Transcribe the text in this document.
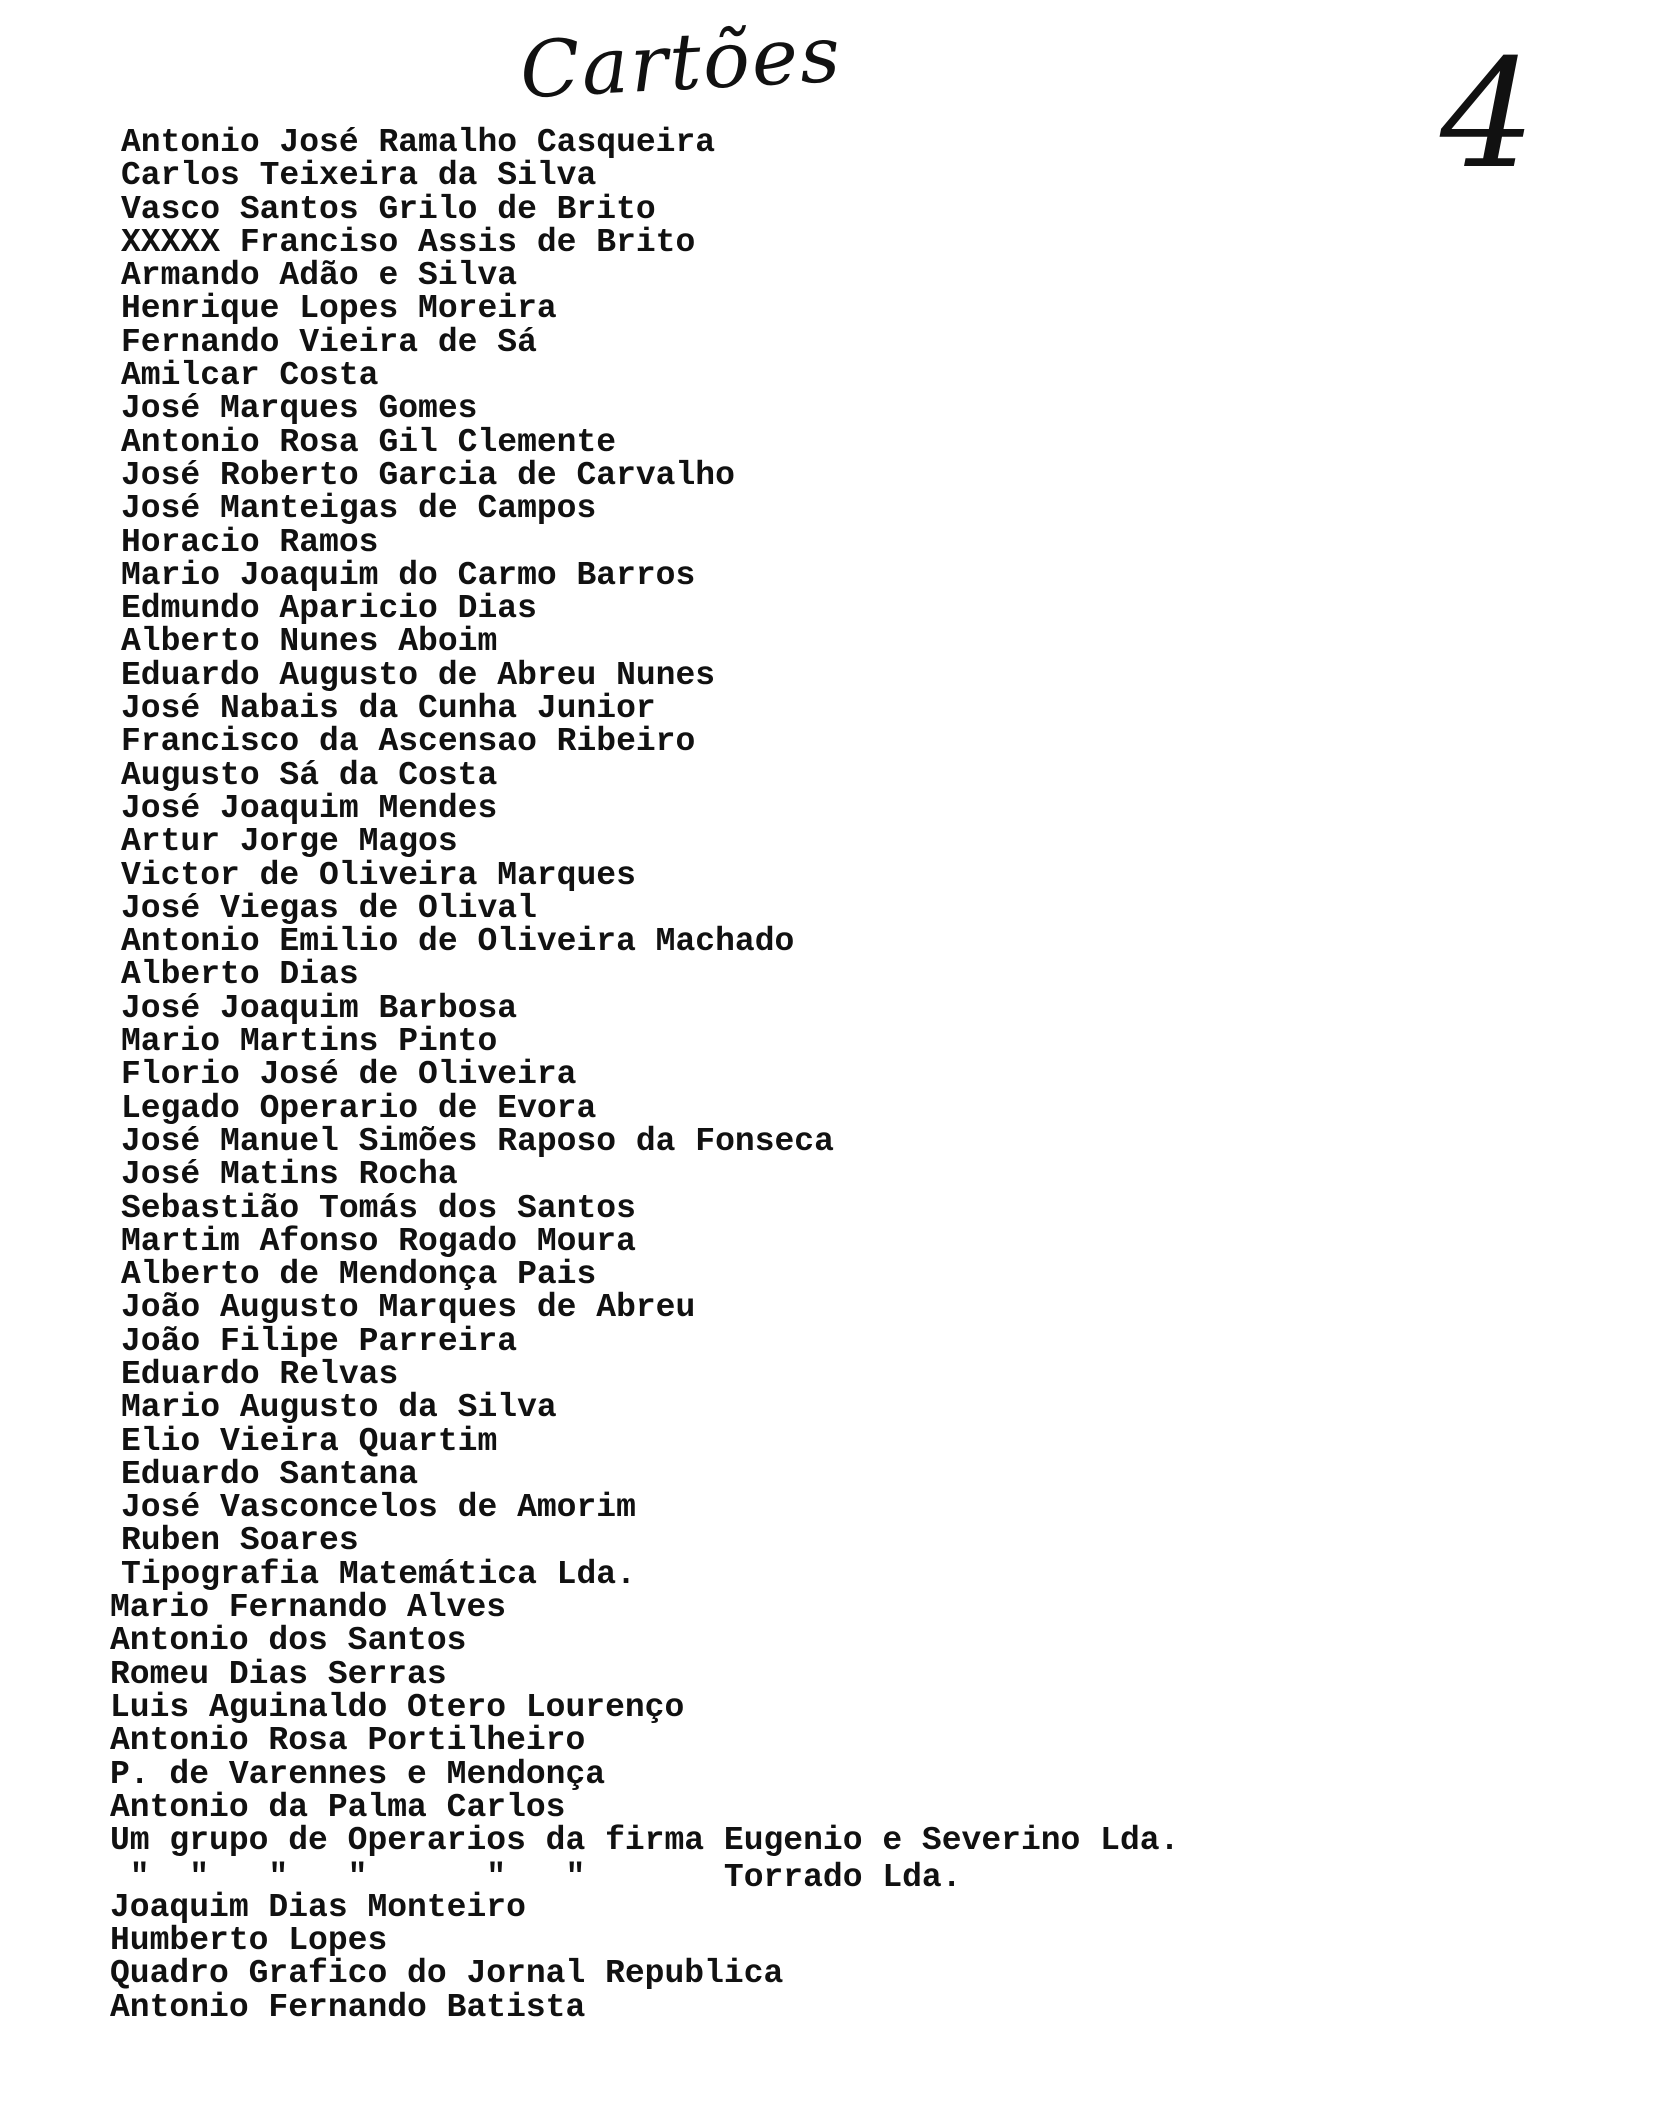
Cartões	4
Antonio José Ramalho Casqueira
Carlos Teixeira da Silva
Vasco Santos Grilo de Brito
XXXXX Franciso Assis de Brito
Armando Adão e Silva
Henrique Lopes Moreira
Fernando Vieira de Sá
Amilcar Costa
José Marques Gomes
Antonio Rosa Gil Clemente
José Roberto Garcia de Carvalho
José Manteigas de Campos
Horacio Ramos
Mario Joaquim do Carmo Barros
Edmundo Aparicio Dias
Alberto Nunes Aboim
Eduardo Augusto de Abreu Nunes
José Nabais da Cunha Junior
Francisco da Ascensao Ribeiro
Augusto Sá da Costa
José Joaquim Mendes
Artur Jorge Magos
Victor de Oliveira Marques
José Viegas de Olival
Antonio Emilio de Oliveira Machado
Alberto Dias
José Joaquim Barbosa
Mario Martins Pinto
Florio José de Oliveira
Legado Operario de Evora
José Manuel Simões Raposo da Fonseca
José Matins Rocha
Sebastião Tomás dos Santos
Martim Afonso Rogado Moura
Alberto de Mendonça Pais
João Augusto Marques de Abreu
João Filipe Parreira
Eduardo Relvas
Mario Augusto da Silva
Elio Vieira Quartim
Eduardo Santana
José Vasconcelos de Amorim
Ruben Soares
Tipografia Matemática Lda.
Mario Fernando Alves
Antonio dos Santos
Romeu Dias Serras
Luis Aguinaldo Otero Lourenço
Antonio Rosa Portilheiro
P. de Varennes e Mendonça
Antonio da Palma Carlos
Um grupo de Operarios da firma Eugenio e Severino Lda.
"  "   "   "      "   "       Torrado Lda.
Joaquim Dias Monteiro
Humberto Lopes
Quadro Grafico do Jornal Republica
Antonio Fernando Batista
